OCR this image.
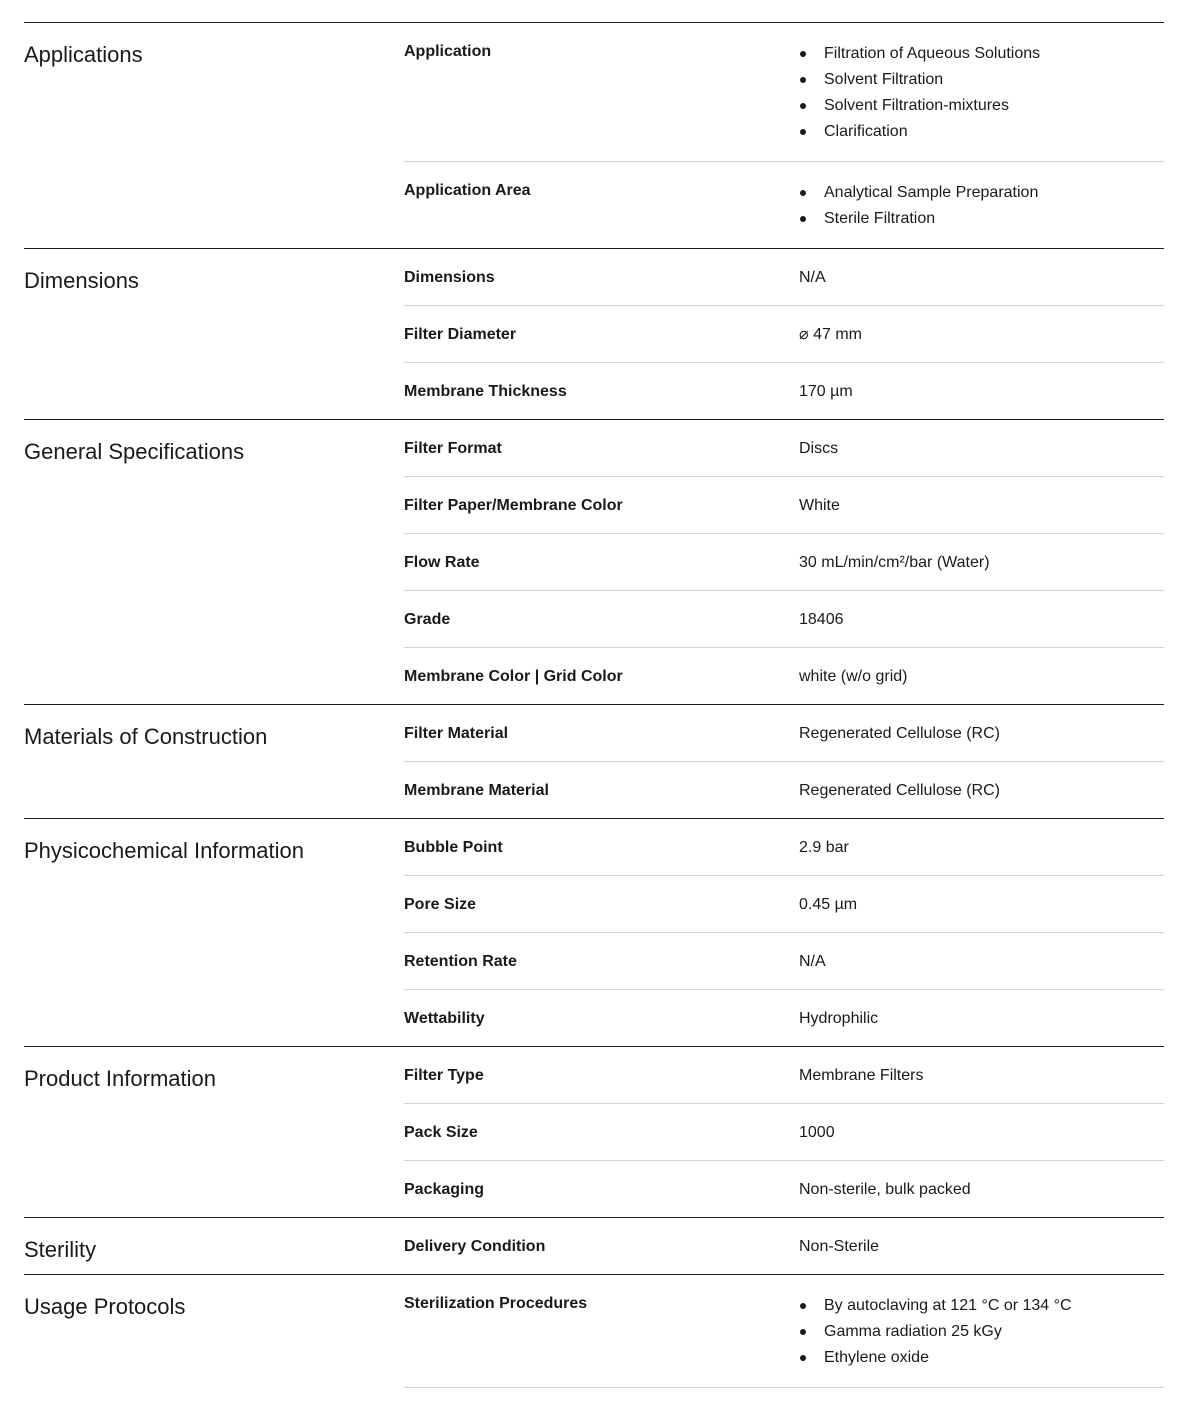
Applications	Application	Filtration of Aqueous Solutions
Solvent Filtration
Solvent Filtration-mixtures
Clarification
Application Area	Analytical Sample Preparation
Sterile Filtration
Dimensions	Dimensions	N/A
Filter Diameter	⌀ 47 mm
Membrane Thickness	170 µm
General Specifications	Filter Format	Discs
Filter Paper/Membrane Color	White
Flow Rate	30 mL/min/cm²/bar (Water)
Grade	18406
Membrane Color | Grid Color	white (w/o grid)
Materials of Construction	Filter Material	Regenerated Cellulose (RC)
Membrane Material	Regenerated Cellulose (RC)
Physicochemical Information	Bubble Point	2.9 bar
Pore Size	0.45 µm
Retention Rate	N/A
Wettability	Hydrophilic
Product Information	Filter Type	Membrane Filters
Pack Size	1000
Packaging	Non-sterile, bulk packed
Sterility	Delivery Condition	Non-Sterile
Usage Protocols	Sterilization Procedures	By autoclaving at 121 °C or 134 °C
Gamma radiation 25 kGy
Ethylene oxide
